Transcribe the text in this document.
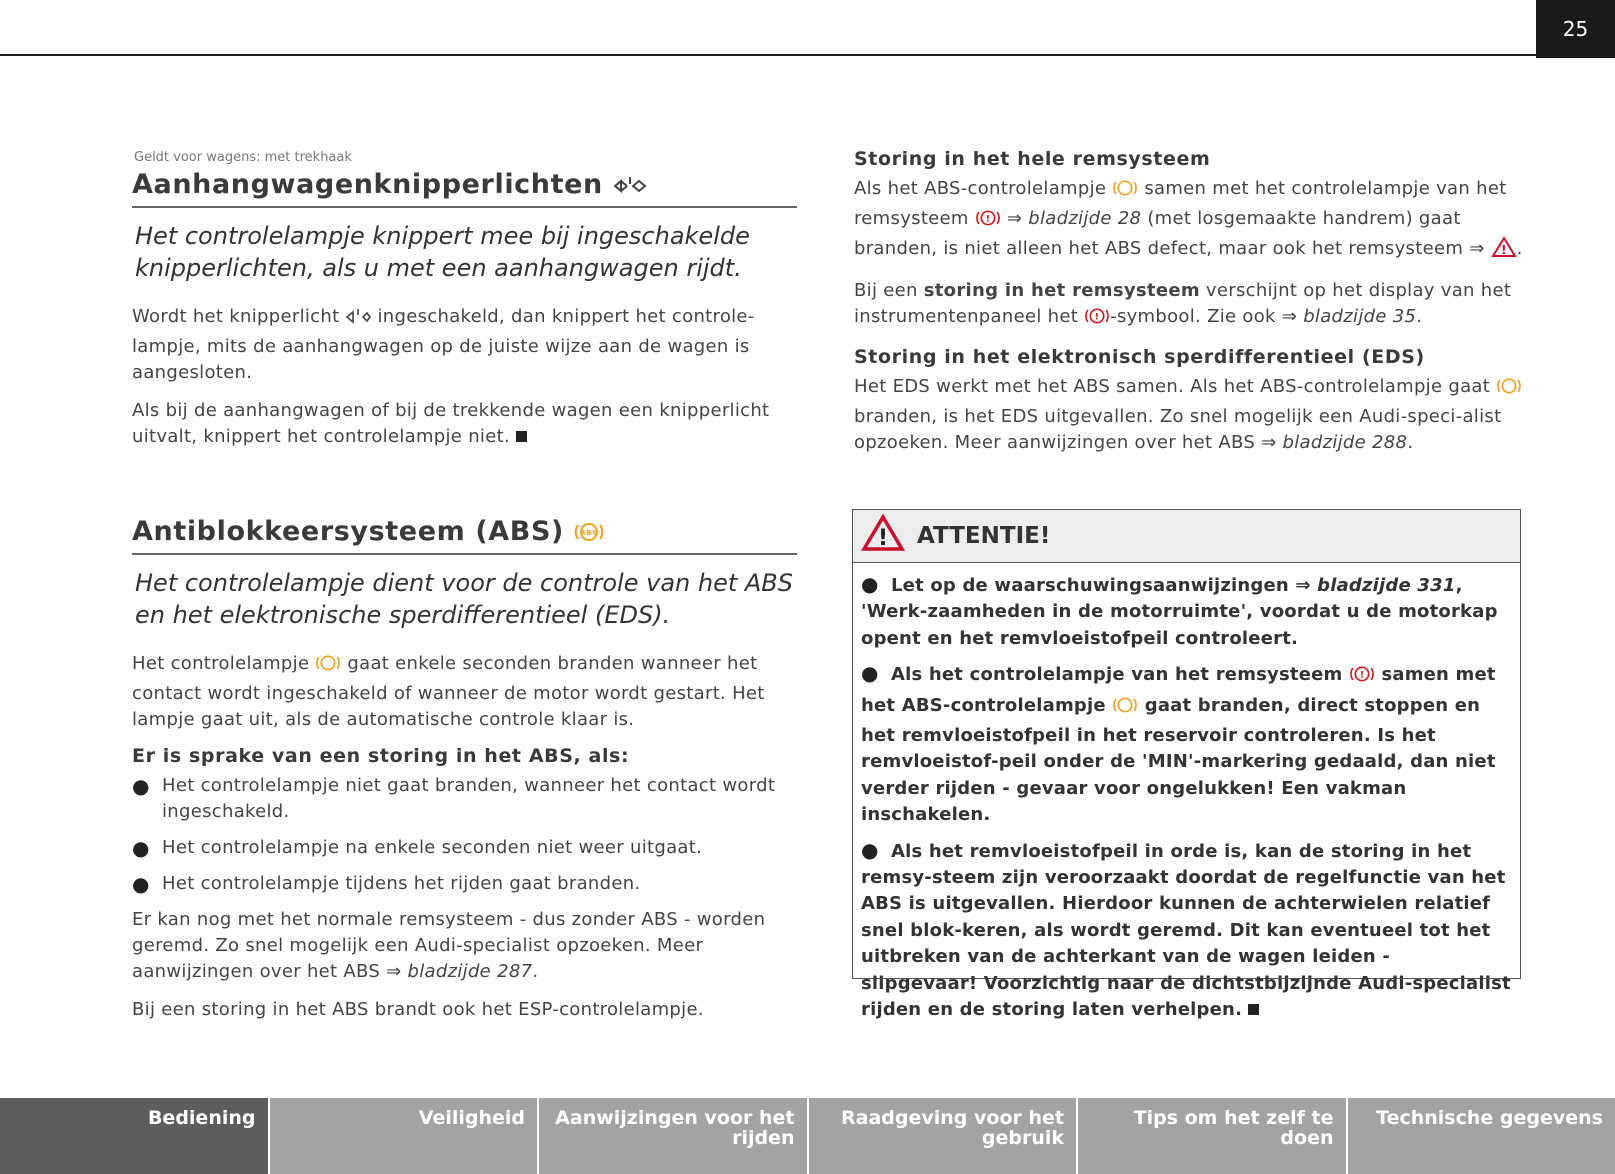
25
Geldt voor wagens: met trekhaak
Aanhangwagenknipperlichten
Het controlelampje knippert mee bij ingeschakelde knipperlichten, als u met een aanhangwagen rijdt.

Wordt het knipperlicht ingeschakeld, dan knippert het controle-lampje, mits de aanhangwagen op de juiste wijze aan de wagen is aangesloten.

Als bij de aanhangwagen of bij de trekkende wagen een knipperlicht uitvalt, knippert het controlelampje niet.

Antiblokkeersysteem (ABS) ABS
Het controlelampje dient voor de controle van het ABS en het elektronische sperdifferentieel (EDS).

Het controlelampje gaat enkele seconden branden wanneer het contact wordt ingeschakeld of wanneer de motor wordt gestart. Het lampje gaat uit, als de automatische controle klaar is.

Er is sprake van een storing in het ABS, als:
● Het controlelampje niet gaat branden, wanneer het contact wordt ingeschakeld.
● Het controlelampje na enkele seconden niet weer uitgaat.
● Het controlelampje tijdens het rijden gaat branden.

Er kan nog met het normale remsysteem - dus zonder ABS - worden geremd. Zo snel mogelijk een Audi-specialist opzoeken. Meer aanwijzingen over het ABS ⇒ bladzijde 287.

Bij een storing in het ABS brandt ook het ESP-controlelampje.

Storing in het hele remsysteem

Als het ABS-controlelampje samen met het controlelampje van het remsysteem ! ⇒ bladzijde 28 (met losgemaakte handrem) gaat branden, is niet alleen het ABS defect, maar ook het remsysteem ⇒ ! .

Bij een storing in het remsysteem verschijnt op het display van het instrumentenpaneel het ! -symbool. Zie ook ⇒ bladzijde 35.

Storing in het elektronisch sperdifferentieel (EDS)

Het EDS werkt met het ABS samen. Als het ABS-controlelampje gaat  branden, is het EDS uitgevallen. Zo snel mogelijk een Audi-speci-alist opzoeken. Meer aanwijzingen over het ABS ⇒ bladzijde 288.

! ATTENTIE!
● Let op de waarschuwingsaanwijzingen ⇒ bladzijde 331, 'Werk-zaamheden in de motorruimte', voordat u de motorkap opent en het remvloeistofpeil controleert.
● Als het controlelampje van het remsysteem ! samen met het ABS-controlelampje gaat branden, direct stoppen en het remvloeistofpeil in het reservoir controleren. Is het remvloeistof-peil onder de 'MIN'-markering gedaald, dan niet verder rijden - gevaar voor ongelukken! Een vakman inschakelen.
● Als het remvloeistofpeil in orde is, kan de storing in het remsy-steem zijn veroorzaakt doordat de regelfunctie van het ABS is uitgevallen. Hierdoor kunnen de achterwielen relatief snel blok-keren, als wordt geremd. Dit kan eventueel tot het uitbreken van de achterkant van de wagen leiden - slipgevaar! Voorzichtig naar de dichtstbijzijnde Audi-specialist rijden en de storing laten verhelpen.
Bediening	Veiligheid	Aanwijzingen voor het rijden
Raadgeving voor het gebruik
Tips om het zelf te doen
Technische gegevens
